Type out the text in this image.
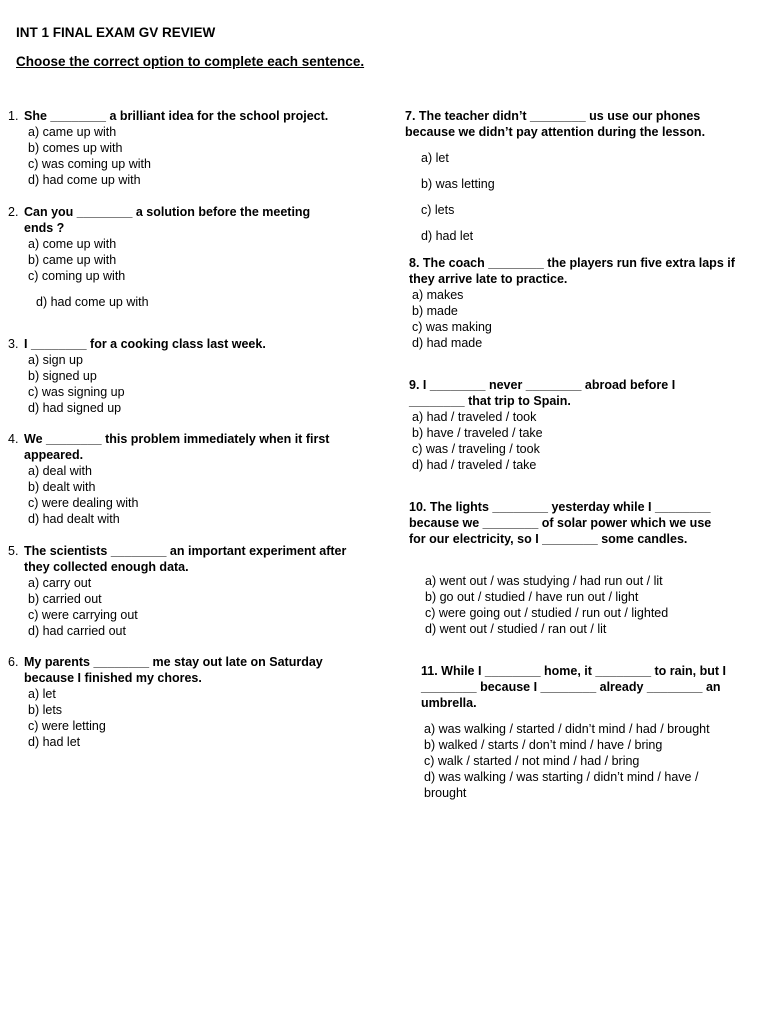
INT 1 FINAL EXAM GV REVIEW
Choose the correct option to complete each sentence.
1. She ________ a brilliant idea for the school project.
a) came up with
b) comes up with
c) was coming up with
d) had come up with
2. Can you ________ a solution before the meeting ends ?
a) come up with
b) came up with
c) coming up with
d) had come up with
3. I ________ for a cooking class last week.
a) sign up
b) signed up
c) was signing up
d) had signed up
4. We ________ this problem immediately when it first appeared.
a) deal with
b) dealt with
c) were dealing with
d) had dealt with
5. The scientists ________ an important experiment after they collected enough data.
a) carry out
b) carried out
c) were carrying out
d) had carried out
6. My parents ________ me stay out late on Saturday because I finished my chores.
a) let
b) lets
c) were letting
d) had let
7. The teacher didn’t ________ us use our phones because we didn’t pay attention during the lesson.
a) let
b) was letting
c) lets
d) had let
8. The coach ________ the players run five extra laps if they arrive late to practice.
a) makes
b) made
c) was making
d) had made
9. I ________ never ________ abroad before I ________ that trip to Spain.
a) had / traveled / took
b) have / traveled / take
c) was / traveling / took
d) had / traveled / take
10. The lights ________ yesterday while I ________ because we ________ of solar power which we use for our electricity, so I ________ some candles.
a) went out / was studying / had run out / lit
b) go out / studied / have run out / light
c) were going out / studied / run out / lighted
d) went out / studied / ran out / lit
11. While I ________ home, it ________ to rain, but I ________ because I ________ already ________ an umbrella.
a) was walking / started / didn’t mind / had / brought
b) walked / starts / don’t mind / have / bring
c) walk / started / not mind / had / bring
d) was walking / was starting / didn’t mind / have / brought
